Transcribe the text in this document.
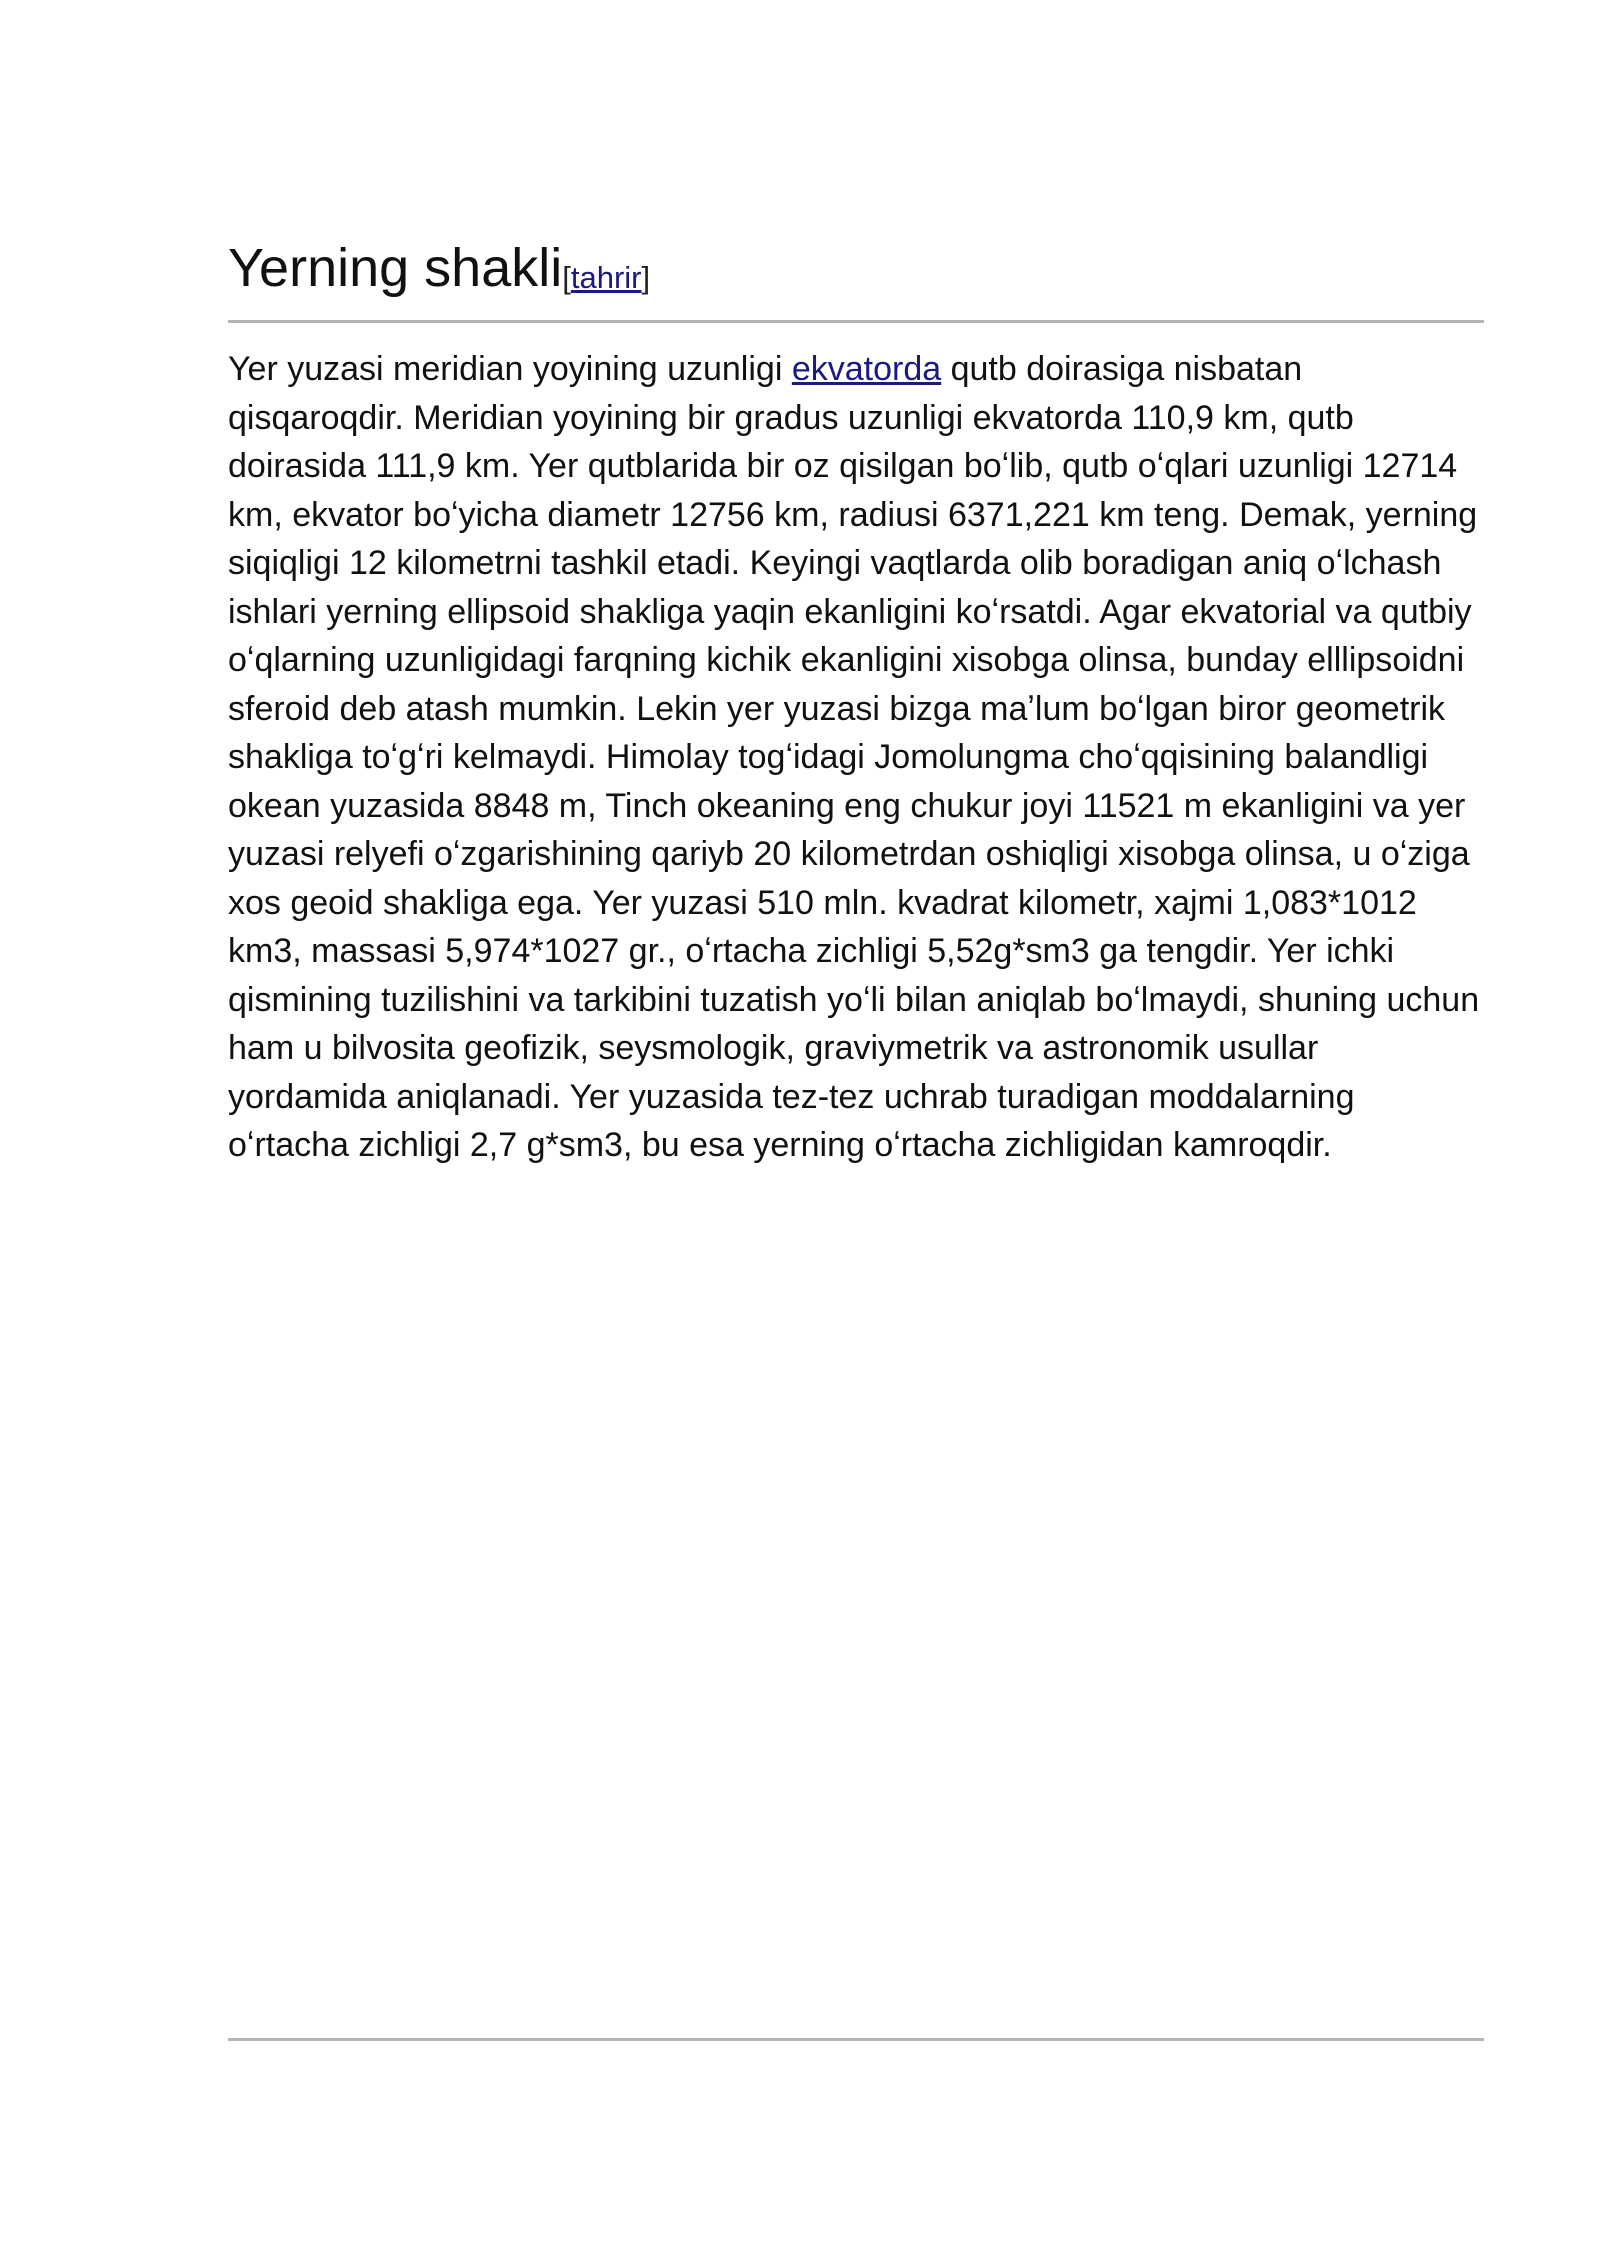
Yerning shakli[tahrir]

Yer yuzasi meridian yoyining uzunligi ekvatorda qutb doirasiga nisbatan qisqaroqdir. Meridian yoyining bir gradus uzunligi ekvatorda 110,9 km, qutb doirasida 111,9 km. Yer qutblarida bir oz qisilgan boʻlib, qutb oʻqlari uzunligi 12714 km, ekvator boʻyicha diametr 12756 km, radiusi 6371,221 km teng. Demak, yerning siqiqligi 12 kilometrni tashkil etadi. Keyingi vaqtlarda olib boradigan aniq oʻlchash ishlari yerning ellipsoid shakliga yaqin ekanligini koʻrsatdi. Agar ekvatorial va qutbiy oʻqlarning uzunligidagi farqning kichik ekanligini xisobga olinsa, bunday elllipsoidni sferoid deb atash mumkin. Lekin yer yuzasi bizga maʼlum boʻlgan biror geometrik shakliga toʻgʻri kelmaydi. Himolay togʻidagi Jomolungma choʻqqisining balandligi okean yuzasida 8848 m, Tinch okeaning eng chukur joyi 11521 m ekanligini va yer yuzasi relyefi oʻzgarishining qariyb 20 kilometrdan oshiqligi xisobga olinsa, u oʻziga xos geoid shakliga ega. Yer yuzasi 510 mln. kvadrat kilometr, xajmi 1,083*1012 km3, massasi 5,974*1027 gr., oʻrtacha zichligi 5,52g*sm3 ga tengdir. Yer ichki qismining tuzilishini va tarkibini tuzatish yoʻli bilan aniqlab boʻlmaydi, shuning uchun ham u bilvosita geofizik, seysmologik, graviymetrik va astronomik usullar yordamida aniqlanadi. Yer yuzasida tez-tez uchrab turadigan moddalarning oʻrtacha zichligi 2,7 g*sm3, bu esa yerning oʻrtacha zichligidan kamroqdir.
